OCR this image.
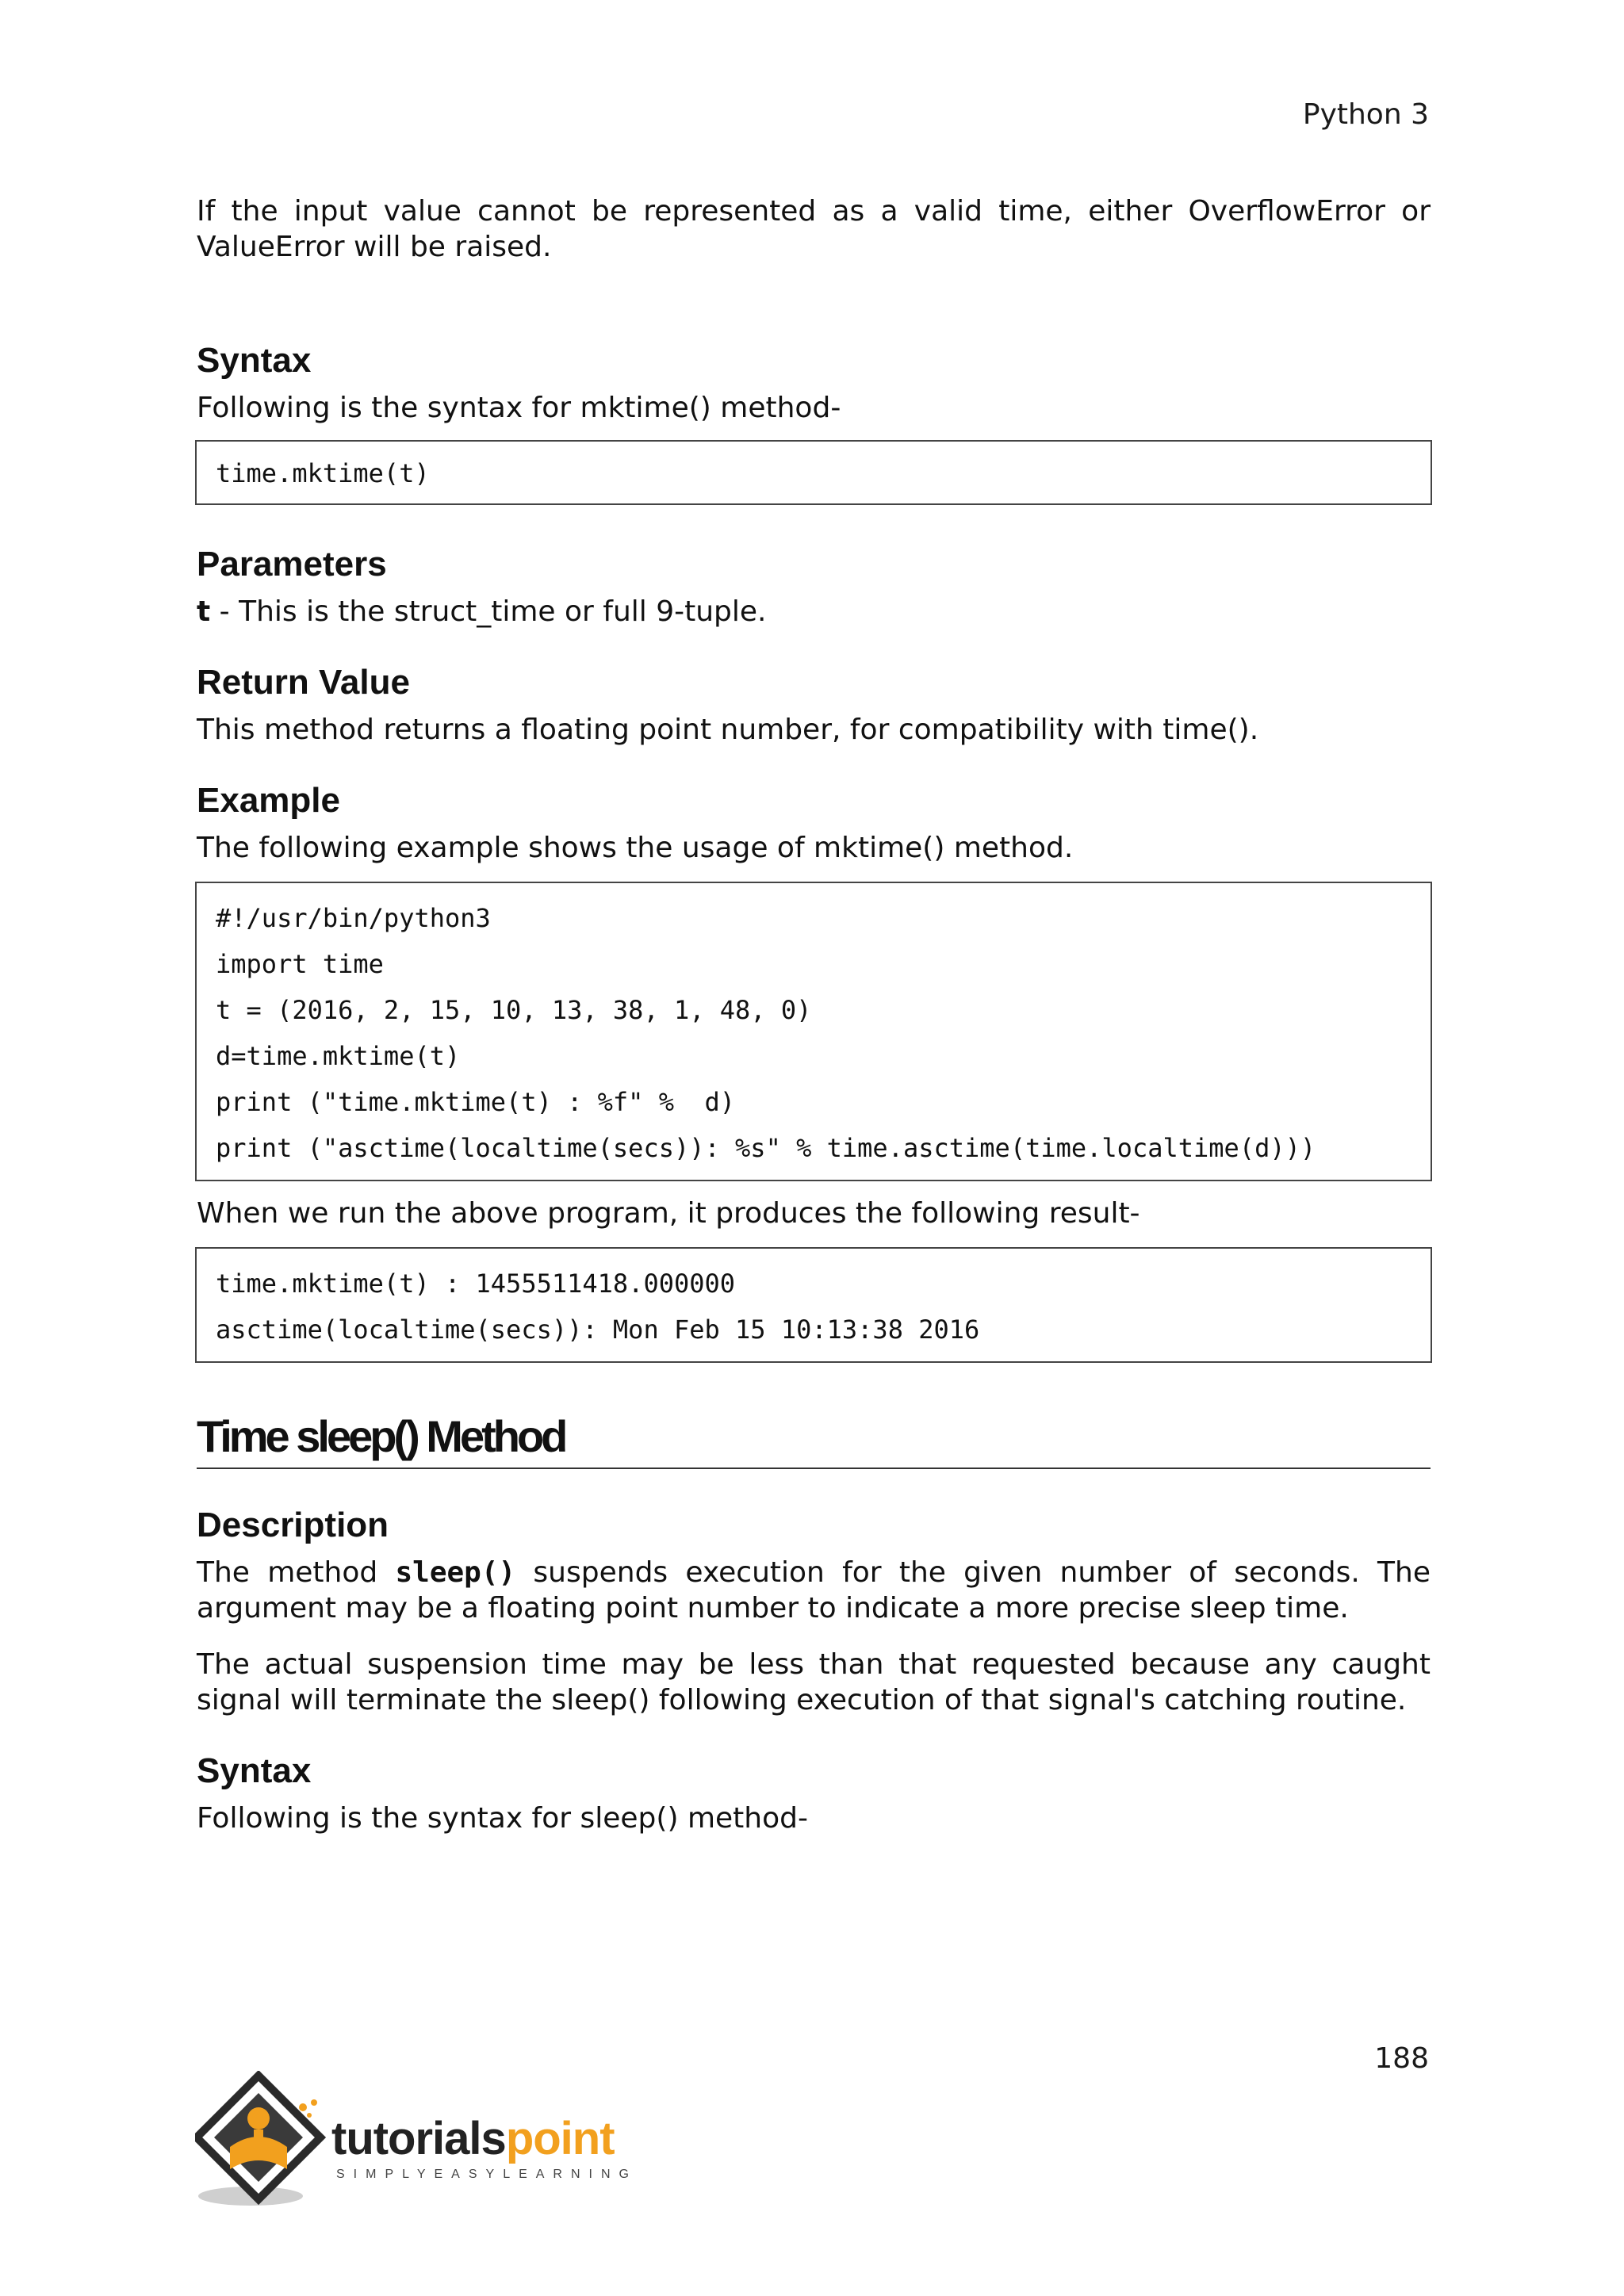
Python 3

If the input value cannot be represented as a valid time, either OverflowError or ValueError will be raised.

Syntax

Following is the syntax for mktime() method-

time.mktime(t)
Parameters

t - This is the struct_time or full 9-tuple.

Return Value

This method returns a floating point number, for compatibility with time().

Example

The following example shows the usage of mktime() method.

#!/usr/bin/python3
import time
t = (2016, 2, 15, 10, 13, 38, 1, 48, 0)
d=time.mktime(t)
print ("time.mktime(t) : %f" %  d)
print ("asctime(localtime(secs)): %s" % time.asctime(time.localtime(d)))

When we run the above program, it produces the following result-

time.mktime(t) : 1455511418.000000
asctime(localtime(secs)): Mon Feb 15 10:13:38 2016
Time sleep() Method
Description

The method sleep() suspends execution for the given number of seconds. The argument may be a floating point number to indicate a more precise sleep time.

The actual suspension time may be less than that requested because any caught signal will terminate the sleep() following execution of that signal's catching routine.

Syntax

Following is the syntax for sleep() method-

188
tutorialspoint
SIMPLYEASYLEARNING
